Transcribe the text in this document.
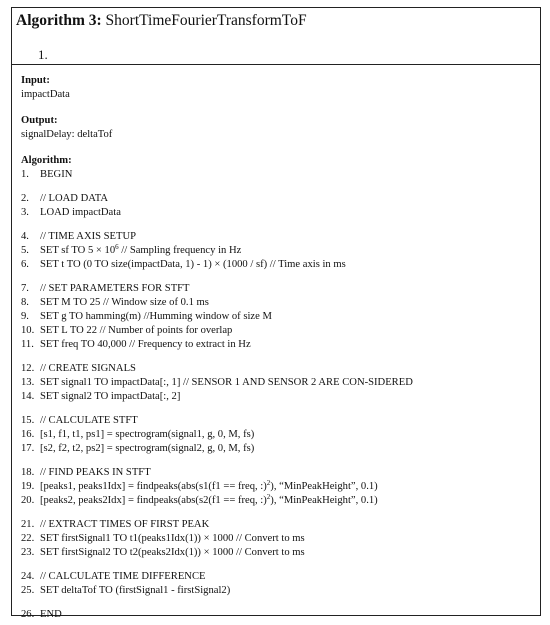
Algorithm 3: ShortTimeFourierTransformToF
1.
Input:
impactData
Output:
signalDelay: deltaTof
Algorithm:
1. BEGIN
2. // LOAD DATA
3. LOAD impactData
4. // TIME AXIS SETUP
5. SET sf TO $5 \times 10^6$ // Sampling frequency in Hz
6. SET t TO (0 TO size(impactData, 1) - 1) × (1000 / sf) // Time axis in ms
7. // SET PARAMETERS FOR STFT
8. SET M TO 25 // Window size of 0.1 ms
9. SET g TO hamming(m) //Humming window of size M
10. SET L TO 22 // Number of points for overlap
11. SET freq TO 40,000 // Frequency to extract in Hz
12. // CREATE SIGNALS
13. SET signal1 TO impactData[:, 1] // SENSOR 1 AND SENSOR 2 ARE CON-SIDERED
14. SET signal2 TO impactData[:, 2]
15. // CALCULATE STFT
16. [s1, f1, t1, ps1] = spectrogram(signal1, g, 0, M, fs)
17. [s2, f2, t2, ps2] = spectrogram(signal2, g, 0, M, fs)
18. // FIND PEAKS IN STFT
19. [peaks1, peaks1Idx] = findpeaks(abs(s1(f1 == freq, :)$^2$), “MinPeakHeight”, 0.1)
20. [peaks2, peaks2Idx] = findpeaks(abs(s2(f1 == freq, :)$^2$), “MinPeakHeight”, 0.1)
21. // EXTRACT TIMES OF FIRST PEAK
22. SET firstSignal1 TO t1(peaks1Idx(1)) × 1000 // Convert to ms
23. SET firstSignal2 TO t2(peaks2Idx(1)) × 1000 // Convert to ms
24. // CALCULATE TIME DIFFERENCE
25. SET deltaTof TO (firstSignal1 - firstSignal2)
26. END
